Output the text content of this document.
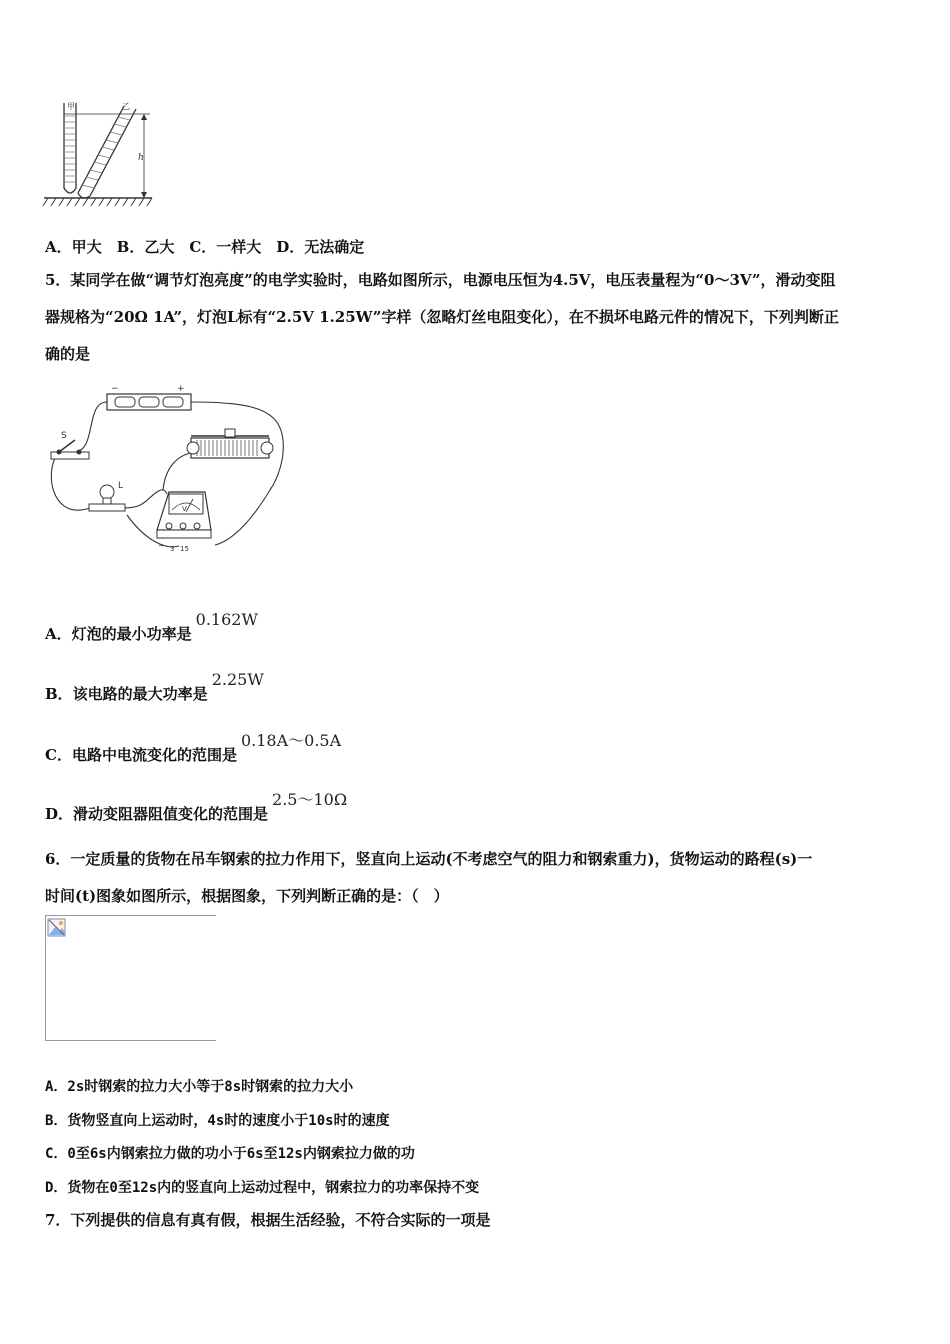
甲	乙
h
A．甲大　B．乙大　C．一样大　D．无法确定
5．某同学在做“调节灯泡亮度”的电学实验时，电路如图所示，电源电压恒为4.5V，电压表量程为“0～3V”，滑动变阻
器规格为“20Ω 1A”，灯泡L标有“2.5V 1.25W”字样（忽略灯丝电阻变化），在不损坏电路元件的情况下，下列判断正
确的是
−	+
S
L
V
− 3 15
A．灯泡的最小功率是0.162W
B．该电路的最大功率是2.25W
C．电路中电流变化的范围是0.18A～0.5A
D．滑动变阻器阻值变化的范围是2.5～10Ω
6．一定质量的货物在吊车钢索的拉力作用下，竖直向上运动(不考虑空气的阻力和钢索重力)，货物运动的路程(s)一
时间(t)图象如图所示，根据图象，下列判断正确的是：（　）
A．2s时钢索的拉力大小等于8s时钢索的拉力大小
B．货物竖直向上运动时，4s时的速度小于10s时的速度
C．0至6s内钢索拉力做的功小于6s至12s内钢索拉力做的功
D．货物在0至12s内的竖直向上运动过程中，钢索拉力的功率保持不变
7．下列提供的信息有真有假，根据生活经验，不符合实际的一项是
